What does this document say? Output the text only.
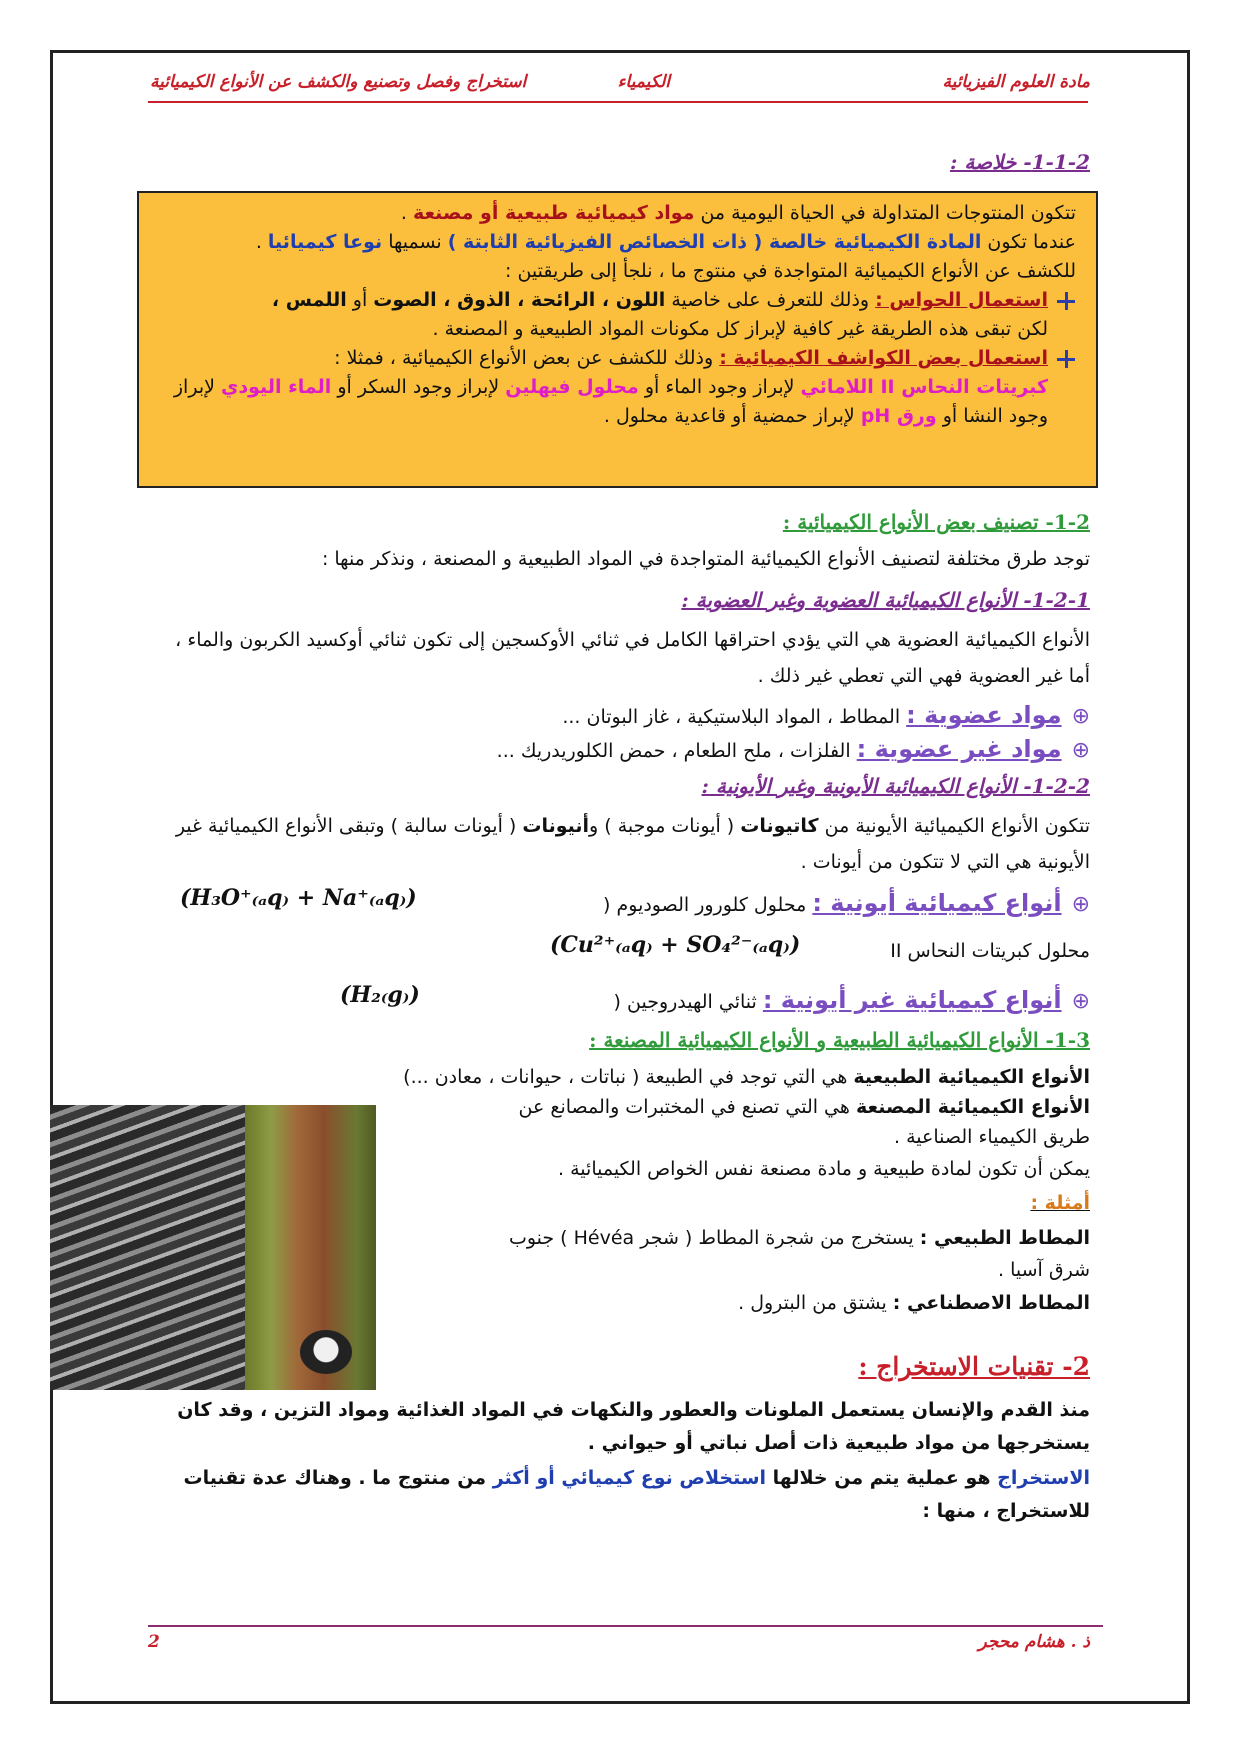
مادة العلوم الفيزيائية
الكيمياء
استخراج وفصل وتصنيع والكشف عن الأنواع الكيميائية
1-1-2- خلاصة :

تتكون المنتوجات المتداولة في الحياة اليومية من مواد كيميائية طبيعية أو مصنعة .

عندما تكون المادة الكيميائية خالصة ( ذات الخصائص الفيزيائية الثابتة ) نسميها نوعا كيميائيا .

للكشف عن الأنواع الكيميائية المتواجدة في منتوج ما ، نلجأ إلى طريقتين :

استعمال الحواس : وذلك للتعرف على خاصية اللون ، الرائحة ، الذوق ، الصوت أو اللمس ،

لكن تبقى هذه الطريقة غير كافية لإبراز كل مكونات المواد الطبيعية و المصنعة .

استعمال بعض الكواشف الكيميائية : وذلك للكشف عن بعض الأنواع الكيميائية ، فمثلا :

كبريتات النحاس II اللامائي لإبراز وجود الماء أو محلول فيهلين لإبراز وجود السكر أو الماء اليودي لإبراز وجود النشا أو ورق pH لإبراز حمضية أو قاعدية محلول .

1-2- تصنيف بعض الأنواع الكيميائية :
توجد طرق مختلفة لتصنيف الأنواع الكيميائية المتواجدة في المواد الطبيعية و المصنعة ، ونذكر منها :
1-2-1- الأنواع الكيميائية العضوية وغير العضوية :
الأنواع الكيميائية العضوية هي التي يؤدي احتراقها الكامل في ثنائي الأوكسجين إلى تكون ثنائي أوكسيد الكربون والماء ، أما غير العضوية فهي التي تعطي غير ذلك .
⊕مواد عضوية : المطاط ، المواد البلاستيكية ، غاز البوتان ...
⊕مواد غير عضوية : الفلزات ، ملح الطعام ، حمض الكلوريدريك ...
1-2-2- الأنواع الكيميائية الأيونية وغير الأيونية :
تتكون الأنواع الكيميائية الأيونية من كاتيونات ( أيونات موجبة ) وأنيونات ( أيونات سالبة ) وتبقى الأنواع الكيميائية غير الأيونية هي التي لا تتكون من أيونات .
⊕أنواع كيميائية أيونية : محلول كلورور الصوديوم (
(H₃O⁺₍ₐq₎ + Na⁺₍ₐq₎)
محلول كبريتات النحاس II
(Cu²⁺₍ₐq₎ + SO₄²⁻₍ₐq₎)
⊕أنواع كيميائية غير أيونية : ثنائي الهيدروجين (
(H₂₍g₎)
1-3- الأنواع الكيميائية الطبيعية و الأنواع الكيميائية المصنعة :
الأنواع الكيميائية الطبيعية هي التي توجد في الطبيعة ( نباتات ، حيوانات ، معادن ...)
الأنواع الكيميائية المصنعة هي التي تصنع في المختبرات والمصانع عن طريق الكيمياء الصناعية .
يمكن أن تكون لمادة طبيعية و مادة مصنعة نفس الخواص الكيميائية .
أمثلة :
المطاط الطبيعي : يستخرج من شجرة المطاط ( شجر Hévéa ) جنوب شرق آسيا .
المطاط الاصطناعي : يشتق من البترول .
2- تقنيات الاستخراج :
منذ القدم والإنسان يستعمل الملونات والعطور والنكهات في المواد الغذائية ومواد التزين ، وقد كان يستخرجها من مواد طبيعية ذات أصل نباتي أو حيواني .
الاستخراج هو عملية يتم من خلالها استخلاص نوع كيميائي أو أكثر من منتوج ما . وهناك عدة تقنيات للاستخراج ، منها :
ذ . هشام محجر
2
